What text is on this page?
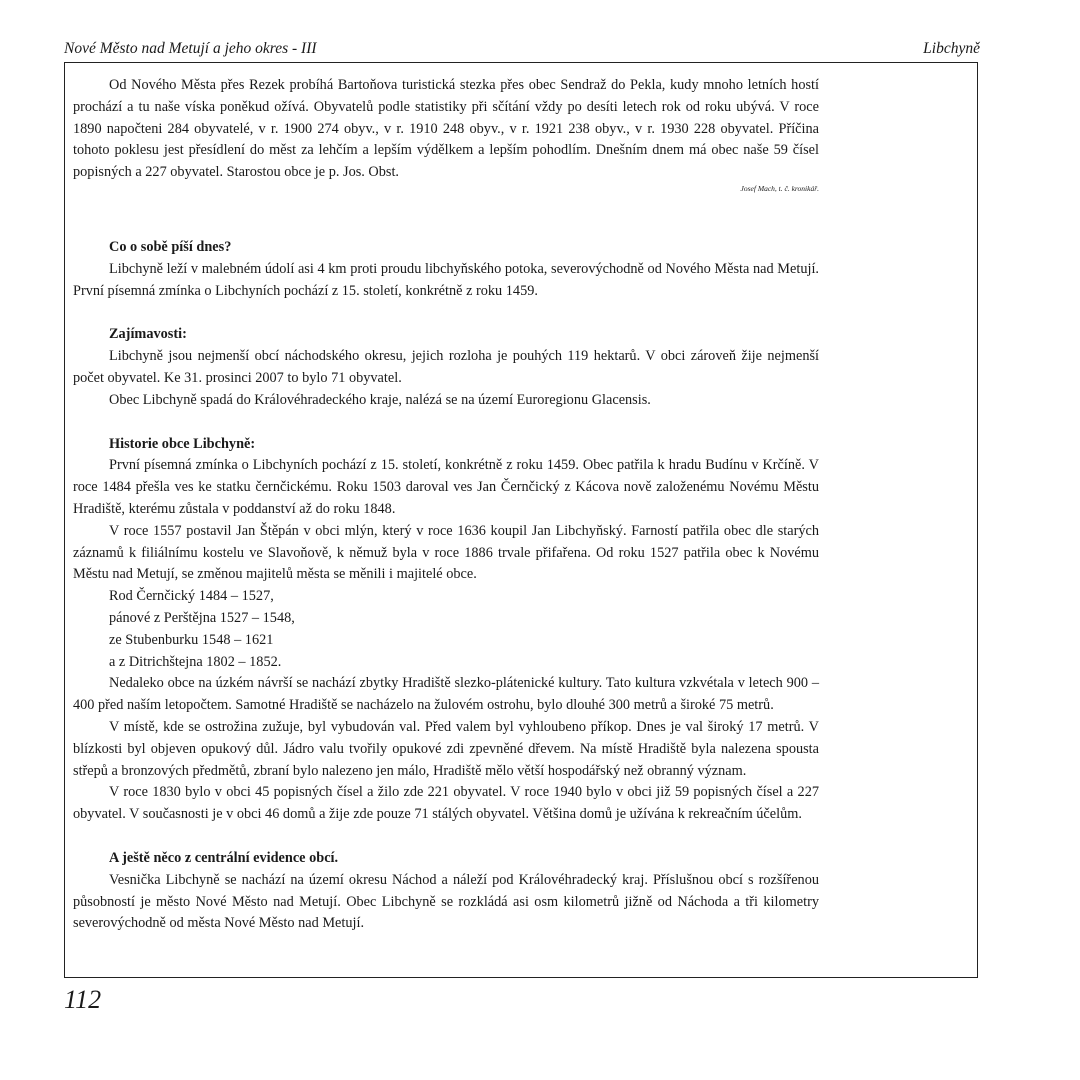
Nové Město nad Metují a jeho okres - III	Libchyně

Od Nového Města přes Rezek probíhá Bartoňova turistická stezka přes obec Sendraž do Pekla, kudy mnoho letních hostí prochází a tu naše víska poněkud ožívá. Obyvatelů podle statistiky při sčítání vždy po desíti letech rok od roku ubývá. V roce 1890 napočteni 284 obyvatelé, v r. 1900 274 obyv., v r. 1910 248 obyv., v r. 1921 238 obyv., v r. 1930 228 obyvatel. Příčina tohoto poklesu jest přesídlení do měst za lehčím a lepším výdělkem a lepším pohodlím. Dnešním dnem má obec naše 59 čísel popisných a 227 obyvatel. Starostou obce je p. Jos. Obst.

Josef Mach, t. č. kronikář.

Co o sobě píší dnes?

Libchyně leží v malebném údolí asi 4 km proti proudu libchyňského potoka, severovýchodně od Nového Města nad Metují. První písemná zmínka o Libchyních pochází z 15. století, konkrétně z roku 1459.

Zajímavosti:

Libchyně jsou nejmenší obcí náchodského okresu, jejich rozloha je pouhých 119 hektarů. V obci zároveň žije nejmenší počet obyvatel. Ke 31. prosinci 2007 to bylo 71 obyvatel.

Obec Libchyně spadá do Královéhradeckého kraje, nalézá se na území Euroregionu Glacensis.

Historie obce Libchyně:

První písemná zmínka o Libchyních pochází z 15. století, konkrétně z roku 1459. Obec patřila k hradu Budínu v Krčíně. V roce 1484 přešla ves ke statku černčickému. Roku 1503 daroval ves Jan Černčický z Kácova nově založenému Novému Městu Hradiště, kterému zůstala v poddanství až do roku 1848.

V roce 1557 postavil Jan Štěpán v obci mlýn, který v roce 1636 koupil Jan Libchyňský. Farností patřila obec dle starých záznamů k filiálnímu kostelu ve Slavoňově, k němuž byla v roce 1886 trvale přifařena. Od roku 1527 patřila obec k Novému Městu nad Metují, se změnou majitelů města se měnili i majitelé obce.

Rod Černčický 1484 – 1527,
pánové z Perštějna 1527 – 1548,
ze Stubenburku 1548 – 1621
a z Ditrichštejna 1802 – 1852.

Nedaleko obce na úzkém návrší se nachází zbytky Hradiště slezko-plátenické kultury. Tato kultura vzkvétala v letech 900 – 400 před naším letopočtem. Samotné Hradiště se nacházelo na žulovém ostrohu, bylo dlouhé 300 metrů a široké 75 metrů.

V místě, kde se ostrožina zužuje, byl vybudován val. Před valem byl vyhloubeno příkop. Dnes je val široký 17 metrů. V blízkosti byl objeven opukový důl. Jádro valu tvořily opukové zdi zpevněné dřevem. Na místě Hradiště byla nalezena spousta střepů a bronzových předmětů, zbraní bylo nalezeno jen málo, Hradiště mělo větší hospodářský než obranný význam.

V roce 1830 bylo v obci 45 popisných čísel a žilo zde 221 obyvatel. V roce 1940 bylo v obci již 59 popisných čísel a 227 obyvatel. V současnosti je v obci 46 domů a žije zde pouze 71 stálých obyvatel. Většina domů je užívána k rekreačním účelům.

A ještě něco z centrální evidence obcí.

Vesnička Libchyně se nachází na území okresu Náchod a náleží pod Královéhradecký kraj. Příslušnou obcí s rozšířenou působností je město Nové Město nad Metují. Obec Libchyně se rozkládá asi osm kilometrů jižně od Náchoda a tři kilometry severovýchodně od města Nové Město nad Metují.

112
